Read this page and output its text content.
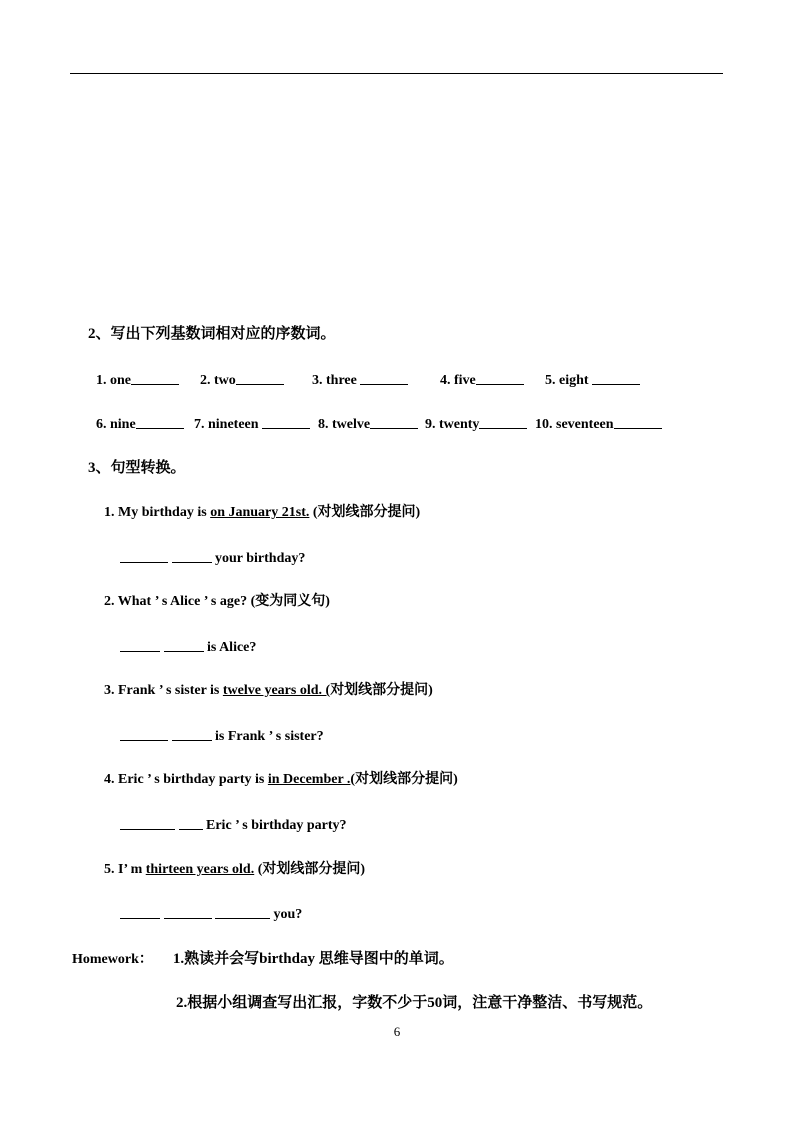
2、写出下列基数词相对应的序数词。
1. one	2. two	3. three	4. five	5. eight
6. nine	7. nineteen	8. twelve	9. twenty	10. seventeen
3、句型转换。
1. My birthday is on January 21st. (对划线部分提问)
your birthday?
2. What ’ s Alice ’ s age? (变为同义句)
is Alice?
3. Frank ’ s sister is twelve years old. (对划线部分提问)
is Frank ’ s sister?
4. Eric ’ s birthday party is in December .(对划线部分提问)
Eric ’ s birthday party?
5. I’ m thirteen years old. (对划线部分提问)
you?
Homework： 1.熟读并会写birthday 思维导图中的单词。
2.根据小组调查写出汇报，字数不少于50词，注意干净整洁、书写规范。
6
